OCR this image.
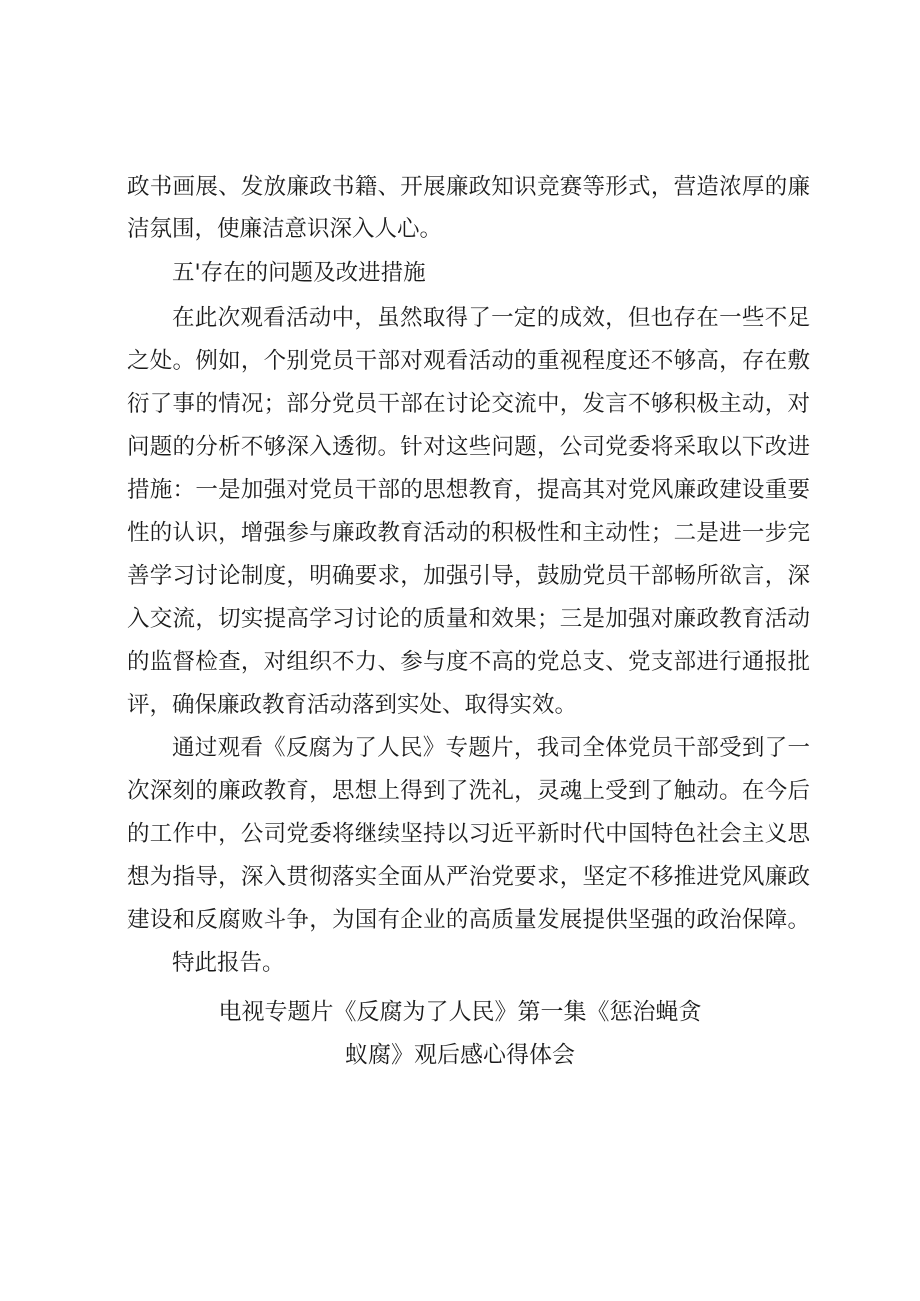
政书画展、发放廉政书籍、开展廉政知识竞赛等形式，营造浓厚的廉
洁氛围，使廉洁意识深入人心。
五'存在的问题及改进措施
在此次观看活动中，虽然取得了一定的成效，但也存在一些不足
之处。例如，个别党员干部对观看活动的重视程度还不够高，存在敷
衍了事的情况；部分党员干部在讨论交流中，发言不够积极主动，对
问题的分析不够深入透彻。针对这些问题，公司党委将采取以下改进
措施：一是加强对党员干部的思想教育，提高其对党风廉政建设重要
性的认识，增强参与廉政教育活动的积极性和主动性；二是进一步完
善学习讨论制度，明确要求，加强引导，鼓励党员干部畅所欲言，深
入交流，切实提高学习讨论的质量和效果；三是加强对廉政教育活动
的监督检查，对组织不力、参与度不高的党总支、党支部进行通报批
评，确保廉政教育活动落到实处、取得实效。
通过观看《反腐为了人民》专题片，我司全体党员干部受到了一
次深刻的廉政教育，思想上得到了洗礼，灵魂上受到了触动。在今后
的工作中，公司党委将继续坚持以习近平新时代中国特色社会主义思
想为指导，深入贯彻落实全面从严治党要求，坚定不移推进党风廉政
建设和反腐败斗争，为国有企业的高质量发展提供坚强的政治保障。
特此报告。
电视专题片《反腐为了人民》第一集《惩治蝇贪
蚁腐》观后感心得体会
